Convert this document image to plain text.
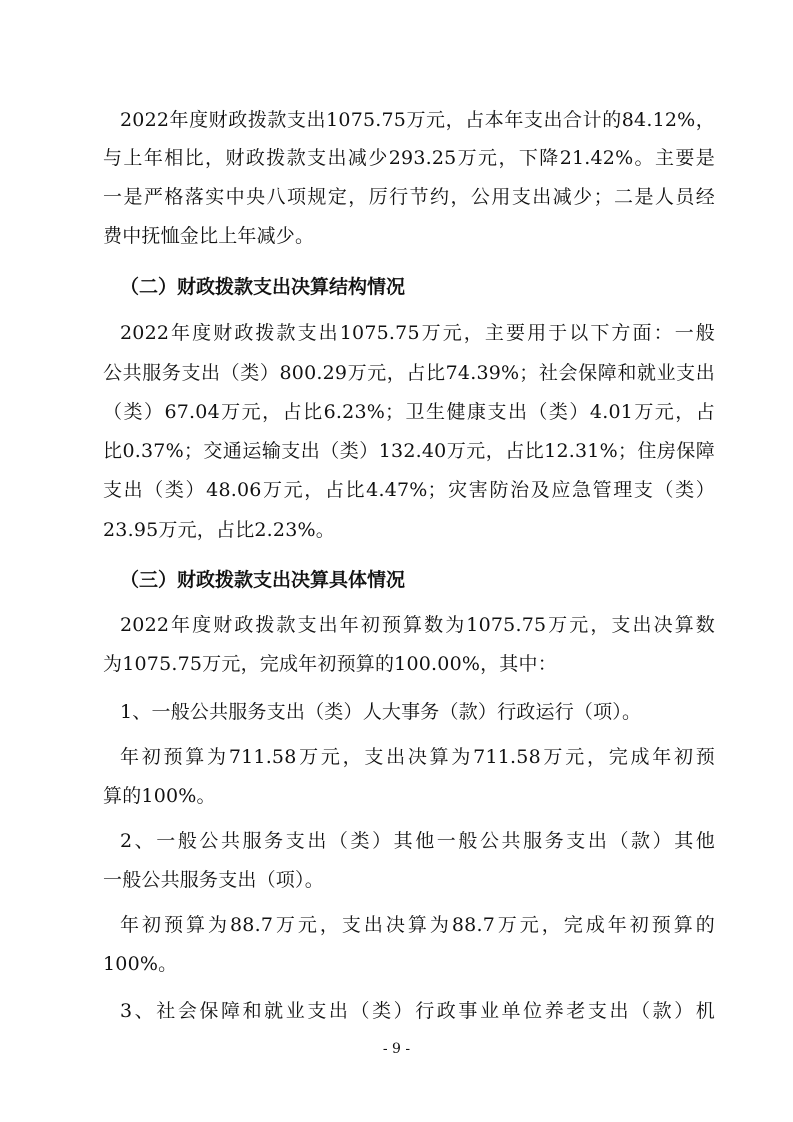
2022年度财政拨款支出1075.75万元，占本年支出合计的84.12%，
与上年相比，财政拨款支出减少293.25万元，下降21.42%。主要是
一是严格落实中央八项规定，厉行节约，公用支出减少；二是人员经
费中抚恤金比上年减少。
（二）财政拨款支出决算结构情况
2022年度财政拨款支出1075.75万元，主要用于以下方面：一般
公共服务支出（类）800.29万元，占比74.39%；社会保障和就业支出
（类）67.04万元，占比6.23%；卫生健康支出（类）4.01万元，占
比0.37%；交通运输支出（类）132.40万元，占比12.31%；住房保障
支出（类）48.06万元，占比4.47%；灾害防治及应急管理支（类）
23.95万元，占比2.23%。
（三）财政拨款支出决算具体情况
2022年度财政拨款支出年初预算数为1075.75万元，支出决算数
为1075.75万元，完成年初预算的100.00%，其中：
1、一般公共服务支出（类）人大事务（款）行政运行（项）。
年初预算为711.58万元，支出决算为711.58万元，完成年初预
算的100%。
2、一般公共服务支出（类）其他一般公共服务支出（款）其他
一般公共服务支出（项）。
年初预算为88.7万元，支出决算为88.7万元，完成年初预算的
100%。
3、社会保障和就业支出（类）行政事业单位养老支出（款）机
- 9 -
